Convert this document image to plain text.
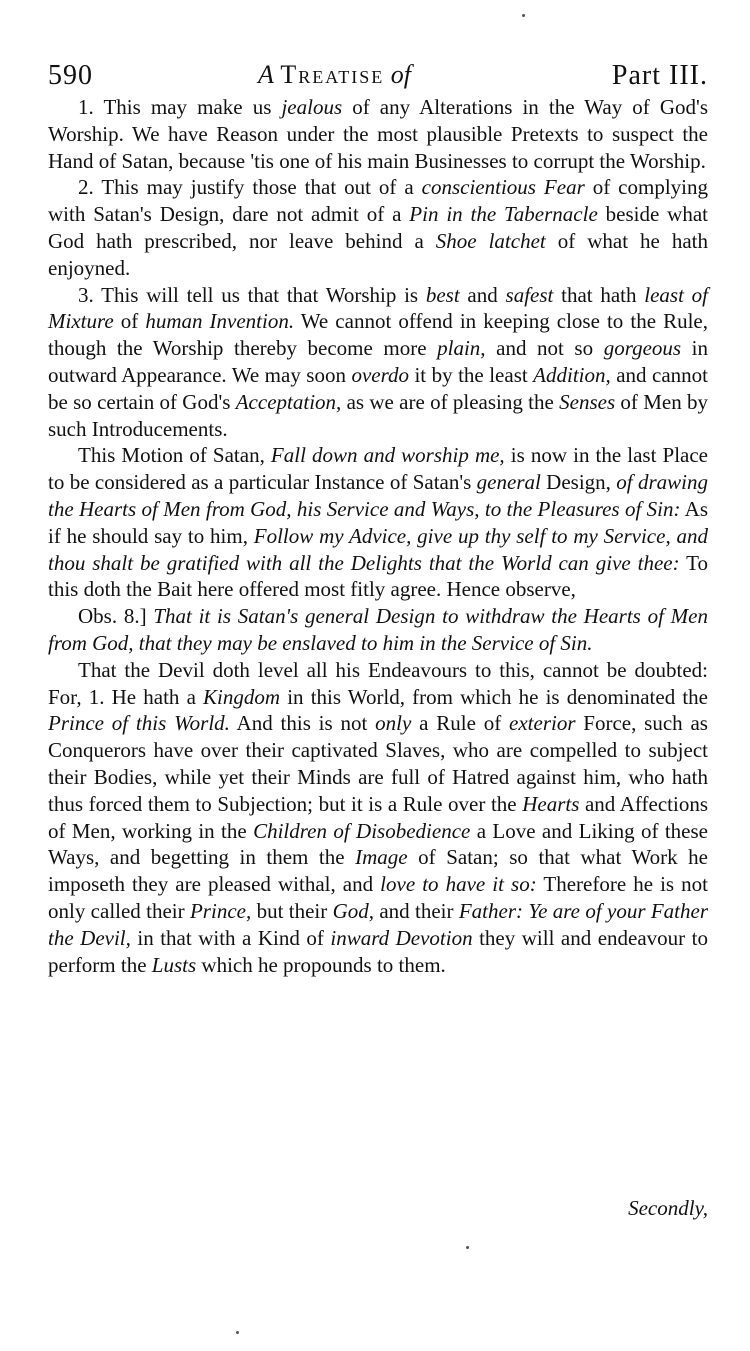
590	A Treatise of	Part III.

1. This may make us jealous of any Alterations in the Way of God's Worship. We have Reason under the most plausible Pretexts to suspect the Hand of Satan, because 'tis one of his main Businesses to corrupt the Worship.

2. This may justify those that out of a conscientious Fear of complying with Satan's Design, dare not admit of a Pin in the Tabernacle beside what God hath prescribed, nor leave behind a Shoe latchet of what he hath enjoyned.

3. This will tell us that that Worship is best and safest that hath least of Mixture of human Invention. We cannot offend in keeping close to the Rule, though the Worship thereby become more plain, and not so gorgeous in outward Appearance. We may soon overdo it by the least Addition, and cannot be so certain of God's Acceptation, as we are of pleasing the Senses of Men by such Introducements.

This Motion of Satan, Fall down and worship me, is now in the last Place to be considered as a particular Instance of Satan's general Design, of drawing the Hearts of Men from God, his Service and Ways, to the Pleasures of Sin: As if he should say to him, Follow my Advice, give up thy self to my Service, and thou shalt be gratified with all the Delights that the World can give thee: To this doth the Bait here offered most fitly agree. Hence observe,

Obs. 8.] That it is Satan's general Design to withdraw the Hearts of Men from God, that they may be enslaved to him in the Service of Sin.

That the Devil doth level all his Endeavours to this, cannot be doubted: For, 1. He hath a Kingdom in this World, from which he is denominated the Prince of this World. And this is not only a Rule of exterior Force, such as Conquerors have over their captivated Slaves, who are compelled to subject their Bodies, while yet their Minds are full of Hatred against him, who hath thus forced them to Subjection; but it is a Rule over the Hearts and Affections of Men, working in the Children of Disobedience a Love and Liking of these Ways, and begetting in them the Image of Satan; so that what Work he imposeth they are pleased withal, and love to have it so: Therefore he is not only called their Prince, but their God, and their Father: Ye are of your Father the Devil, in that with a Kind of inward Devotion they will and endeavour to perform the Lusts which he propounds to them.

Secondly,
